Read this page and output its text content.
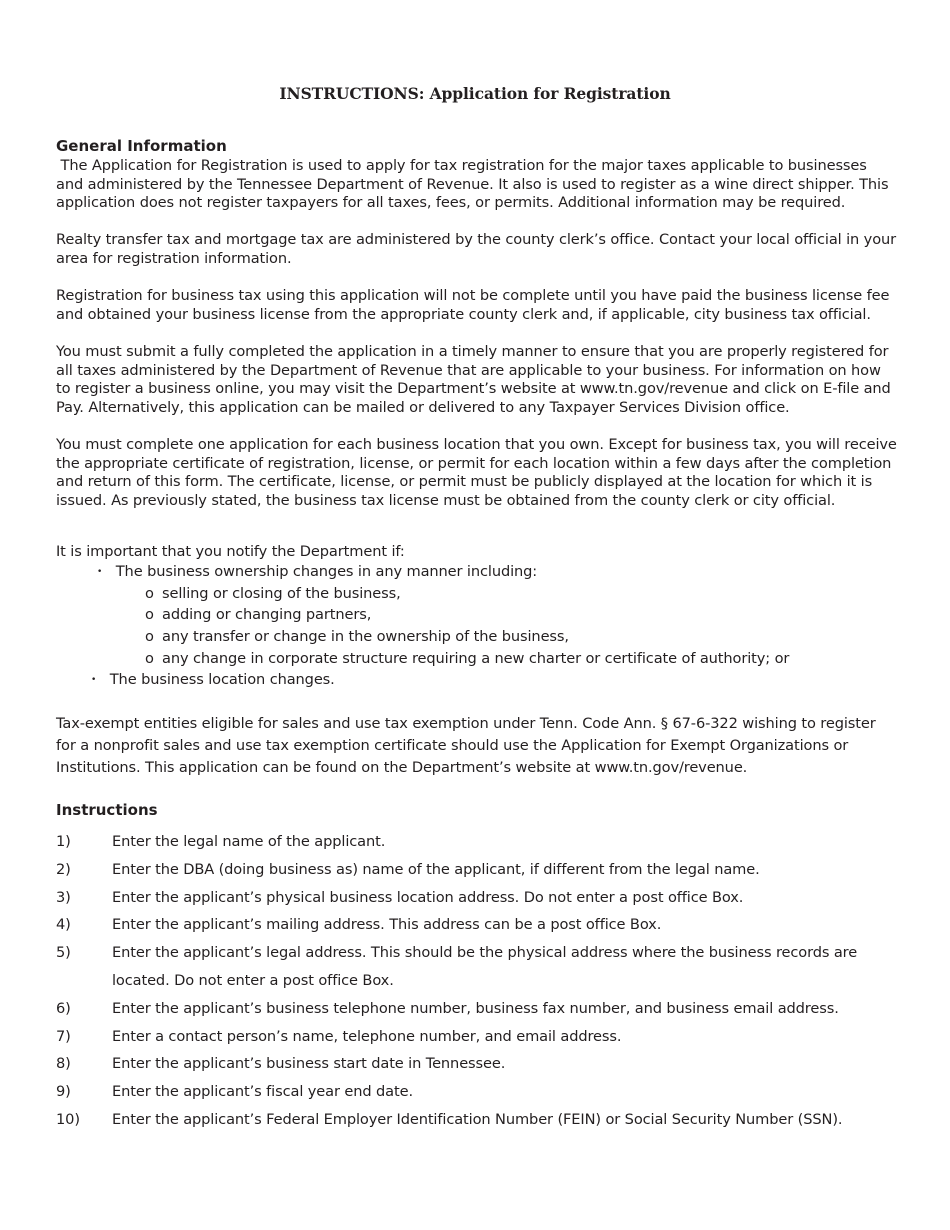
INSTRUCTIONS: Application for Registration
General Information

The Application for Registration is used to apply for tax registration for the major taxes applicable to businesses and administered by the Tennessee Department of Revenue. It also is used to register as a wine direct shipper. This application does not register taxpayers for all taxes, fees, or permits. Additional information may be required.

Realty transfer tax and mortgage tax are administered by the county clerk’s office. Contact your local official in your area for registration information.

Registration for business tax using this application will not be complete until you have paid the business license fee and obtained your business license from the appropriate county clerk and, if applicable, city business tax official.

You must submit a fully completed the application in a timely manner to ensure that you are properly registered for all taxes administered by the Department of Revenue that are applicable to your business. For information on how to register a business online, you may visit the Department’s website at www.tn.gov/revenue and click on E-file and Pay. Alternatively, this application can be mailed or delivered to any Taxpayer Services Division office.

You must complete one application for each business location that you own. Except for business tax, you will receive the appropriate certificate of registration, license, or permit for each location within a few days after the completion and return of this form. The certificate, license, or permit must be publicly displayed at the location for which it is issued. As previously stated, the business tax license must be obtained from the county clerk or city official.

It is important that you notify the Department if:
• The business ownership changes in any manner including:
o selling or closing of the business,
o adding or changing partners,
o any transfer or change in the ownership of the business,
o any change in corporate structure requiring a new charter or certificate of authority; or
• The business location changes.

Tax-exempt entities eligible for sales and use tax exemption under Tenn. Code Ann. § 67-6-322 wishing to register for a nonprofit sales and use tax exemption certificate should use the Application for Exempt Organizations or Institutions. This application can be found on the Department’s website at www.tn.gov/revenue.

Instructions
1)	Enter the legal name of the applicant.
2)	Enter the DBA (doing business as) name of the applicant, if different from the legal name.
3)	Enter the applicant’s physical business location address. Do not enter a post office Box.
4)	Enter the applicant’s mailing address. This address can be a post office Box.
5)	Enter the applicant’s legal address. This should be the physical address where the business records are located. Do not enter a post office Box.
6)	Enter the applicant’s business telephone number, business fax number, and business email address.
7)	Enter a contact person’s name, telephone number, and email address.
8)	Enter the applicant’s business start date in Tennessee.
9)	Enter the applicant’s fiscal year end date.
10)	Enter the applicant’s Federal Employer Identification Number (FEIN) or Social Security Number (SSN).
